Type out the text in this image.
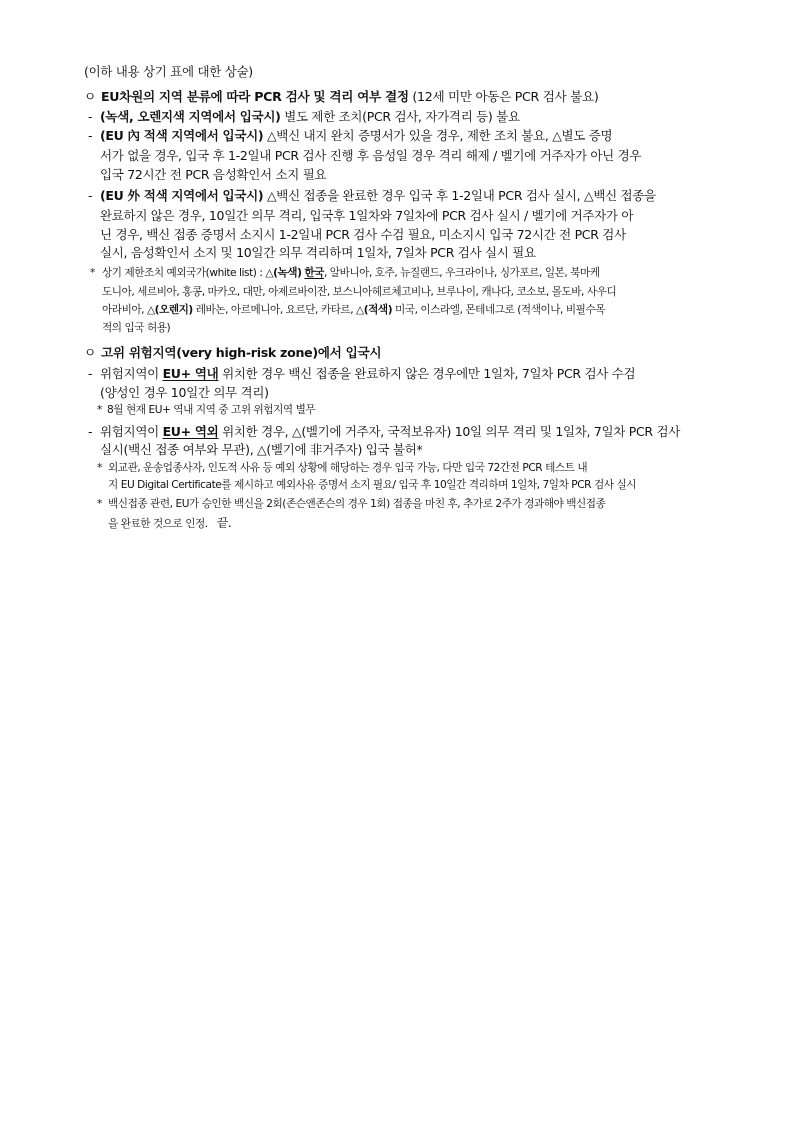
(이하 내용 상기 표에 대한 상술)
ㅇ EU차원의 지역 분류에 따라 PCR 검사 및 격리 여부 결정 (12세 미만 아동은 PCR 검사 불요)
- (녹색, 오렌지색 지역에서 입국시) 별도 제한 조치(PCR 검사, 자가격리 등) 불요
- (EU 內 적색 지역에서 입국시) △백신 내지 완치 증명서가 있을 경우, 제한 조치 불요, △별도 증명
서가 없을 경우, 입국 후 1-2일내 PCR 검사 진행 후 음성일 경우 격리 해제 / 벨기에 거주자가 아닌 경우
입국 72시간 전 PCR 음성확인서 소지 필요
- (EU 外 적색 지역에서 입국시) △백신 접종을 완료한 경우 입국 후 1-2일내 PCR 검사 실시, △백신 접종을
완료하지 않은 경우, 10일간 의무 격리, 입국후 1일차와 7일차에 PCR 검사 실시 / 벨기에 거주자가 아
닌 경우, 백신 접종 증명서 소지시 1-2일내 PCR 검사 수검 필요, 미소지시 입국 72시간 전 PCR 검사
실시, 음성확인서 소지 및 10일간 의무 격리하며 1일차, 7일차 PCR 검사 실시 필요
* 상기 제한조치 예외국가(white list) : △(녹색) 한국, 알바니아, 호주, 뉴질랜드, 우크라이나, 싱가포르, 일본, 북마케
도니아, 세르비아, 홍콩, 마카오, 대만, 아제르바이잔, 보스니아헤르체고비나, 브루나이, 캐나다, 코소보, 몰도바, 사우디
아라비아, △(오렌지) 레바논, 아르메니아, 요르단, 카타르, △(적색) 미국, 이스라엘, 몬테네그로 (적색이나, 비필수목
적의 입국 허용)
ㅇ 고위 위험지역(very high-risk zone)에서 입국시
- 위험지역이 EU+ 역내 위치한 경우 백신 접종을 완료하지 않은 경우에만 1일차, 7일차 PCR 검사 수검
(양성인 경우 10일간 의무 격리)
* 8월 현재 EU+ 역내 지역 중 고위 위험지역 별무
- 위험지역이 EU+ 역외 위치한 경우, △(벨기에 거주자, 국적보유자) 10일 의무 격리 및 1일차, 7일차 PCR 검사
실시(백신 접종 여부와 무관), △(벨기에 非거주자) 입국 불허*
* 외교관, 운송업종사자, 인도적 사유 등 예외 상황에 해당하는 경우 입국 가능, 다만 입국 72간전 PCR 테스트 내
지 EU Digital Certificate를 제시하고 예외사유 증명서 소지 필요/ 입국 후 10일간 격리하며 1일차, 7일차 PCR 검사 실시
* 백신접종 관련, EU가 승인한 백신을 2회(존슨앤존슨의 경우 1회) 접종을 마친 후, 추가로 2주가 경과해야 백신접종
을 완료한 것으로 인정. 끝.
